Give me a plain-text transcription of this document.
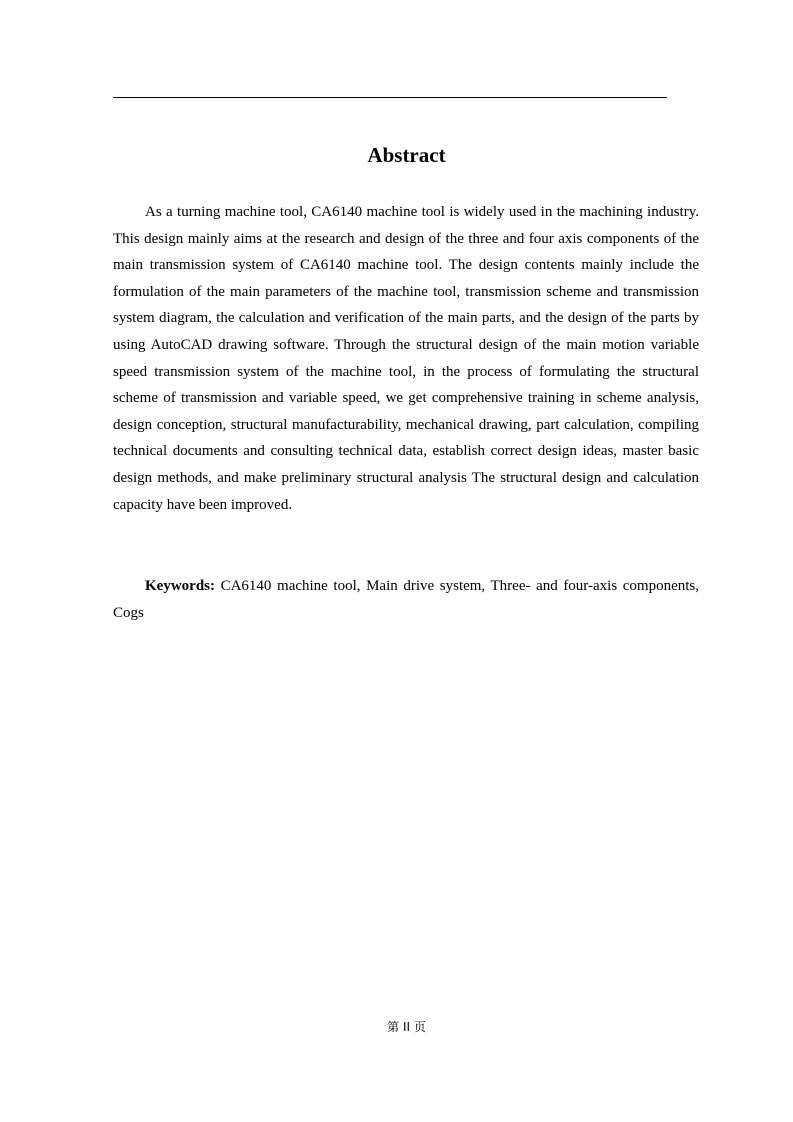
Abstract

As a turning machine tool, CA6140 machine tool is widely used in the machining industry. This design mainly aims at the research and design of the three and four axis components of the main transmission system of CA6140 machine tool. The design contents mainly include the formulation of the main parameters of the machine tool, transmission scheme and transmission system diagram, the calculation and verification of the main parts, and the design of the parts by using AutoCAD drawing software. Through the structural design of the main motion variable speed transmission system of the machine tool, in the process of formulating the structural scheme of transmission and variable speed, we get comprehensive training in scheme analysis, design conception, structural manufacturability, mechanical drawing, part calculation, compiling technical documents and consulting technical data, establish correct design ideas, master basic design methods, and make preliminary structural analysis The structural design and calculation capacity have been improved.

Keywords: CA6140 machine tool, Main drive system, Three- and four-axis components, Cogs

第 II 页
